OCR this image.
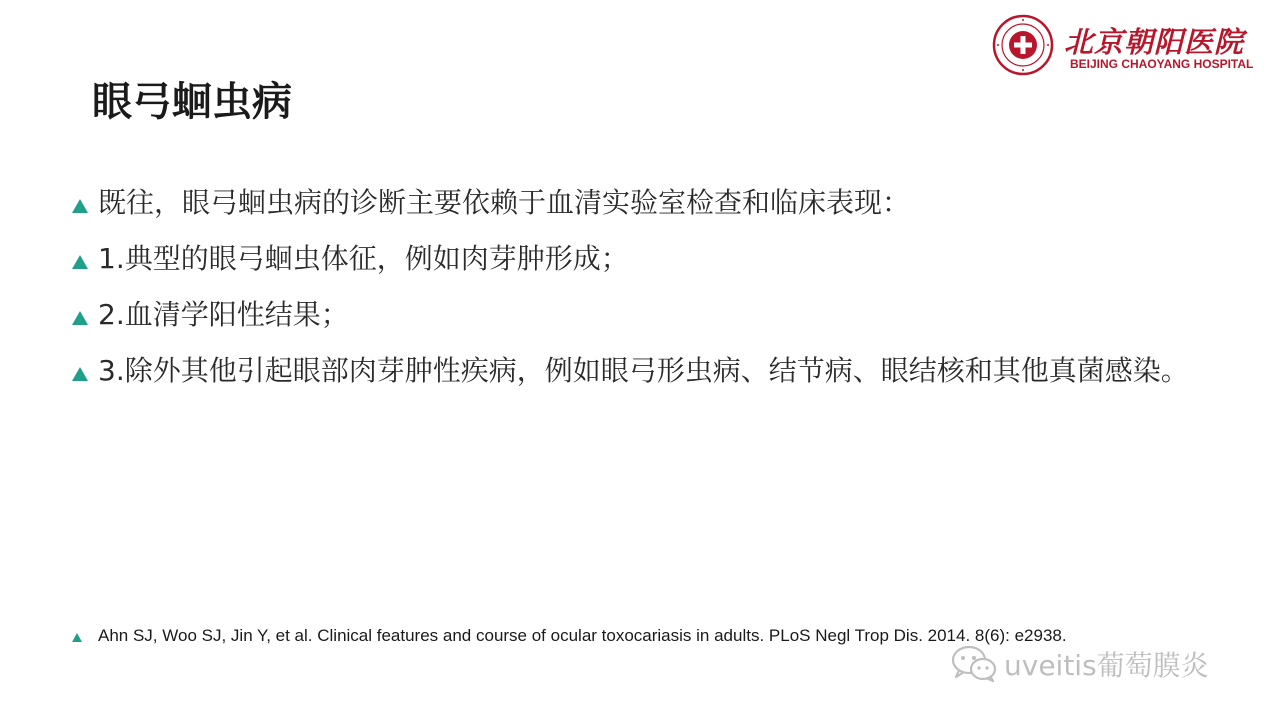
北京朝阳医院
BEIJING CHAOYANG HOSPITAL
眼弓蛔虫病
既往，眼弓蛔虫病的诊断主要依赖于血清实验室检查和临床表现：
1.典型的眼弓蛔虫体征，例如肉芽肿形成；
2.血清学阳性结果；
3.除外其他引起眼部肉芽肿性疾病，例如眼弓形虫病、结节病、眼结核和其他真菌感染。
Ahn SJ, Woo SJ, Jin Y, et al. Clinical features and course of ocular toxocariasis in adults. PLoS Negl Trop Dis. 2014. 8(6): e2938.
uveitis葡萄膜炎
